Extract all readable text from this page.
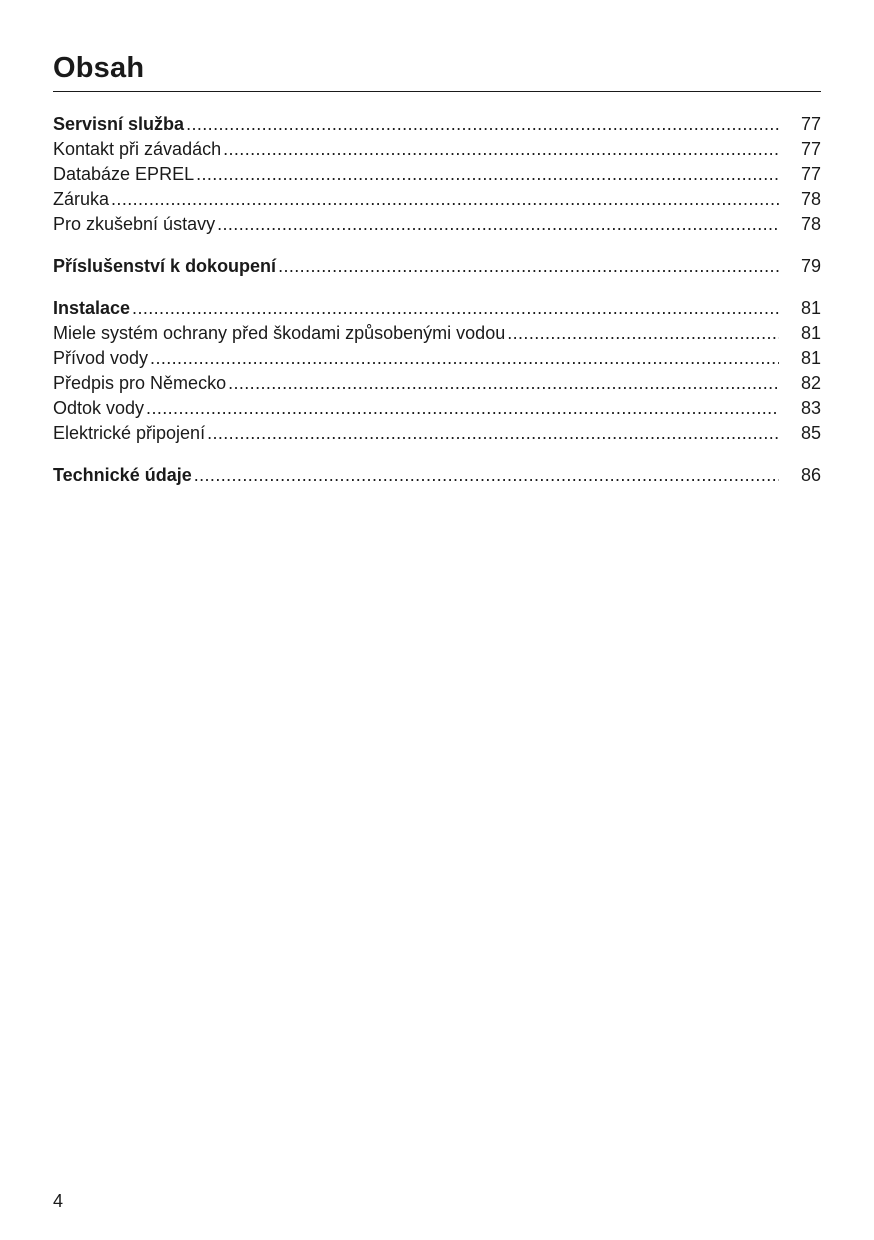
Obsah
Servisní služba .....	77
Kontakt při závadách .....	77
Databáze EPREL .....	77
Záruka .....	78
Pro zkušební ústavy .....	78
Příslušenství k dokoupení .....	79
Instalace .....	81
Miele systém ochrany před škodami způsobenými vodou .....	81
Přívod vody .....	81
Předpis pro Německo .....	82
Odtok vody .....	83
Elektrické připojení .....	85
Technické údaje .....	86
4
